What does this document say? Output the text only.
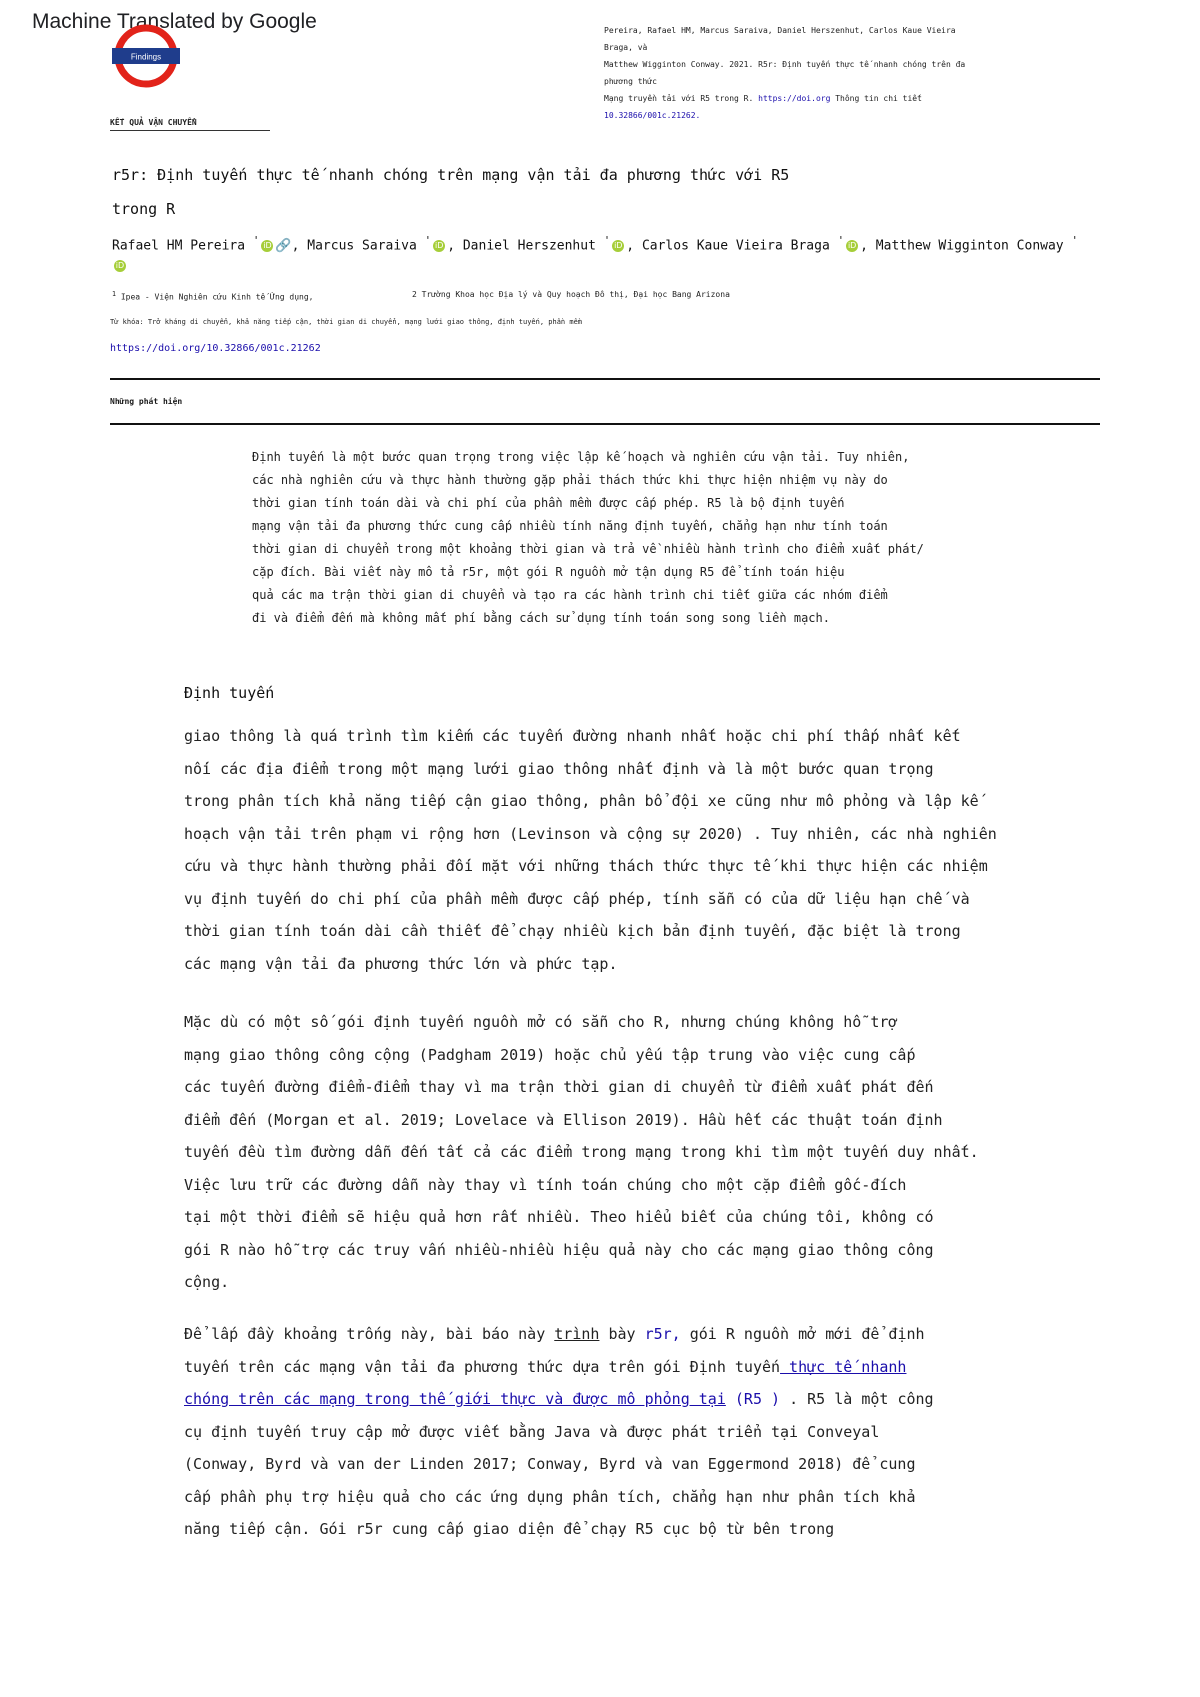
Machine Translated by Google
Findings
Pereira, Rafael HM, Marcus Saraiva, Daniel Herszenhut, Carlos Kaue Vieira Braga, và
Matthew Wigginton Conway. 2021. R5r: Định tuyến thực tế nhanh chóng trên đa phương thức
Mạng truyền tải với R5 trong R. https://doi.org Thông tin chi tiết
10.32866/001c.21262.
KẾT QUẢ VẬN CHUYỂN
r5r: Định tuyến thực tế nhanh chóng trên mạng vận tải đa phương thức với R5
trong R
Rafael HM Pereira ' iD 🔗, Marcus Saraiva ' iD , Daniel Herszenhut ' iD , Carlos Kaue Vieira Braga ' iD , Matthew Wigginton Conway '
iD
$^1$ Ipea - Viện Nghiên cứu Kinh tế Ứng dụng,	2 Trường Khoa học Địa lý và Quy hoạch Đô thị, Đại học Bang Arizona
Từ khóa: Trở kháng di chuyển, khả năng tiếp cận, thời gian di chuyển, mạng lưới giao thông, định tuyến, phần mềm
https://doi.org/10.32866/001c.21262
Những phát hiện

Định tuyến là một bước quan trọng trong việc lập kế hoạch và nghiên cứu vận tải. Tuy nhiên,

các nhà nghiên cứu và thực hành thường gặp phải thách thức khi thực hiện nhiệm vụ này do

thời gian tính toán dài và chi phí của phần mềm được cấp phép. R5 là bộ định tuyến

mạng vận tải đa phương thức cung cấp nhiều tính năng định tuyến, chẳng hạn như tính toán

thời gian di chuyển trong một khoảng thời gian và trả về nhiều hành trình cho điểm xuất phát/

cặp đích. Bài viết này mô tả r5r, một gói R nguồn mở tận dụng R5 để tính toán hiệu

quả các ma trận thời gian di chuyển và tạo ra các hành trình chi tiết giữa các nhóm điểm

đi và điểm đến mà không mất phí bằng cách sử dụng tính toán song song liền mạch.

Định tuyến

giao thông là quá trình tìm kiếm các tuyến đường nhanh nhất hoặc chi phí thấp nhất kết

nối các địa điểm trong một mạng lưới giao thông nhất định và là một bước quan trọng

trong phân tích khả năng tiếp cận giao thông, phân bổ đội xe cũng như mô phỏng và lập kế

hoạch vận tải trên phạm vi rộng hơn (Levinson và cộng sự 2020) . Tuy nhiên, các nhà nghiên

cứu và thực hành thường phải đối mặt với những thách thức thực tế khi thực hiện các nhiệm

vụ định tuyến do chi phí của phần mềm được cấp phép, tính sẵn có của dữ liệu hạn chế và

thời gian tính toán dài cần thiết để chạy nhiều kịch bản định tuyến, đặc biệt là trong

các mạng vận tải đa phương thức lớn và phức tạp.

Mặc dù có một số gói định tuyến nguồn mở có sẵn cho R, nhưng chúng không hỗ trợ

mạng giao thông công cộng (Padgham 2019) hoặc chủ yếu tập trung vào việc cung cấp

các tuyến đường điểm-điểm thay vì ma trận thời gian di chuyển từ điểm xuất phát đến

điểm đến (Morgan et al. 2019; Lovelace và Ellison 2019). Hầu hết các thuật toán định

tuyến đều tìm đường dẫn đến tất cả các điểm trong mạng trong khi tìm một tuyến duy nhất.

Việc lưu trữ các đường dẫn này thay vì tính toán chúng cho một cặp điểm gốc-đích

tại một thời điểm sẽ hiệu quả hơn rất nhiều. Theo hiểu biết của chúng tôi, không có

gói R nào hỗ trợ các truy vấn nhiều-nhiều hiệu quả này cho các mạng giao thông công

cộng.

Để lấp đầy khoảng trống này, bài báo này trình bày r5r, gói R nguồn mở mới để định

tuyến trên các mạng vận tải đa phương thức dựa trên gói Định tuyến thực tế nhanh

chóng trên các mạng trong thế giới thực và được mô phỏng tại (R5 ) . R5 là một công

cụ định tuyến truy cập mở được viết bằng Java và được phát triển tại Conveyal

(Conway, Byrd và van der Linden 2017; Conway, Byrd và van Eggermond 2018) để cung

cấp phần phụ trợ hiệu quả cho các ứng dụng phân tích, chẳng hạn như phân tích khả

năng tiếp cận. Gói r5r cung cấp giao diện để chạy R5 cục bộ từ bên trong
